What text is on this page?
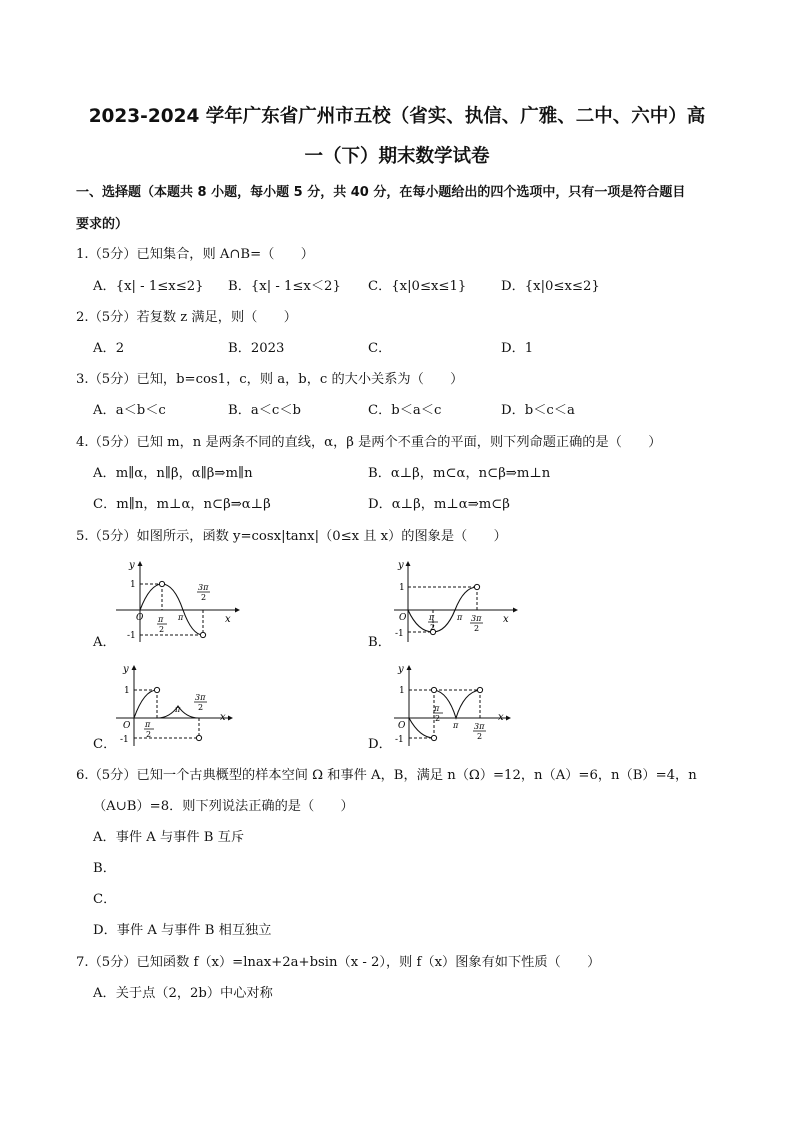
2023-2024 学年广东省广州市五校（省实、执信、广雅、二中、六中）高
一（下）期末数学试卷
一、选择题（本题共 8 小题，每小题 5 分，共 40 分，在每小题给出的四个选项中，只有一项是符合题目
要求的）
1.（5分）已知集合，则 A∩B=（　　）
A．{x| - 1≤x≤2} B．{x| - 1≤x＜2} C．{x|0≤x≤1}	D．{x|0≤x≤2}
2.（5分）若复数 z 满足，则（　　）
A．2	B．2023	C．	D．1
3.（5分）已知，b=cos1，c，则 a，b，c 的大小关系为（　　）
A．a＜b＜c	B．a＜c＜b	C．b＜a＜c	D．b＜c＜a
4.（5分）已知 m，n 是两条不同的直线，α，β 是两个不重合的平面，则下列命题正确的是（　　）
A．m∥α，n∥β，α∥β⇒m∥n	B．α⊥β，m⊂α，n⊂β⇒m⊥n
C．m∥n，m⊥α，n⊂β⇒α⊥β	D．α⊥β，m⊥α⇒m⊂β
5.（5分）如图所示，函数 y=cosx|tanx|（0≤x 且 x）的图象是（　　）
y
x
1
-1
π
2
π
3π
2
O
A．
y
x
1
-1
π
2
π 3π
2
O
B．
y
x
1
-1
π
2
π
3π
2
O
C．
y
x
1
-1
π
2
π 3π
2
O
D．
6.（5分）已知一个古典概型的样本空间 Ω 和事件 A，B，满足 n（Ω）=12，n（A）=6，n（B）=4，n
（A∪B）=8．则下列说法正确的是（　　）
A．事件 A 与事件 B 互斥
B．
C．
D．事件 A 与事件 B 相互独立
7.（5分）已知函数 f（x）=lnax+2a+bsin（x - 2），则 f（x）图象有如下性质（　　）
A．关于点（2，2b）中心对称
